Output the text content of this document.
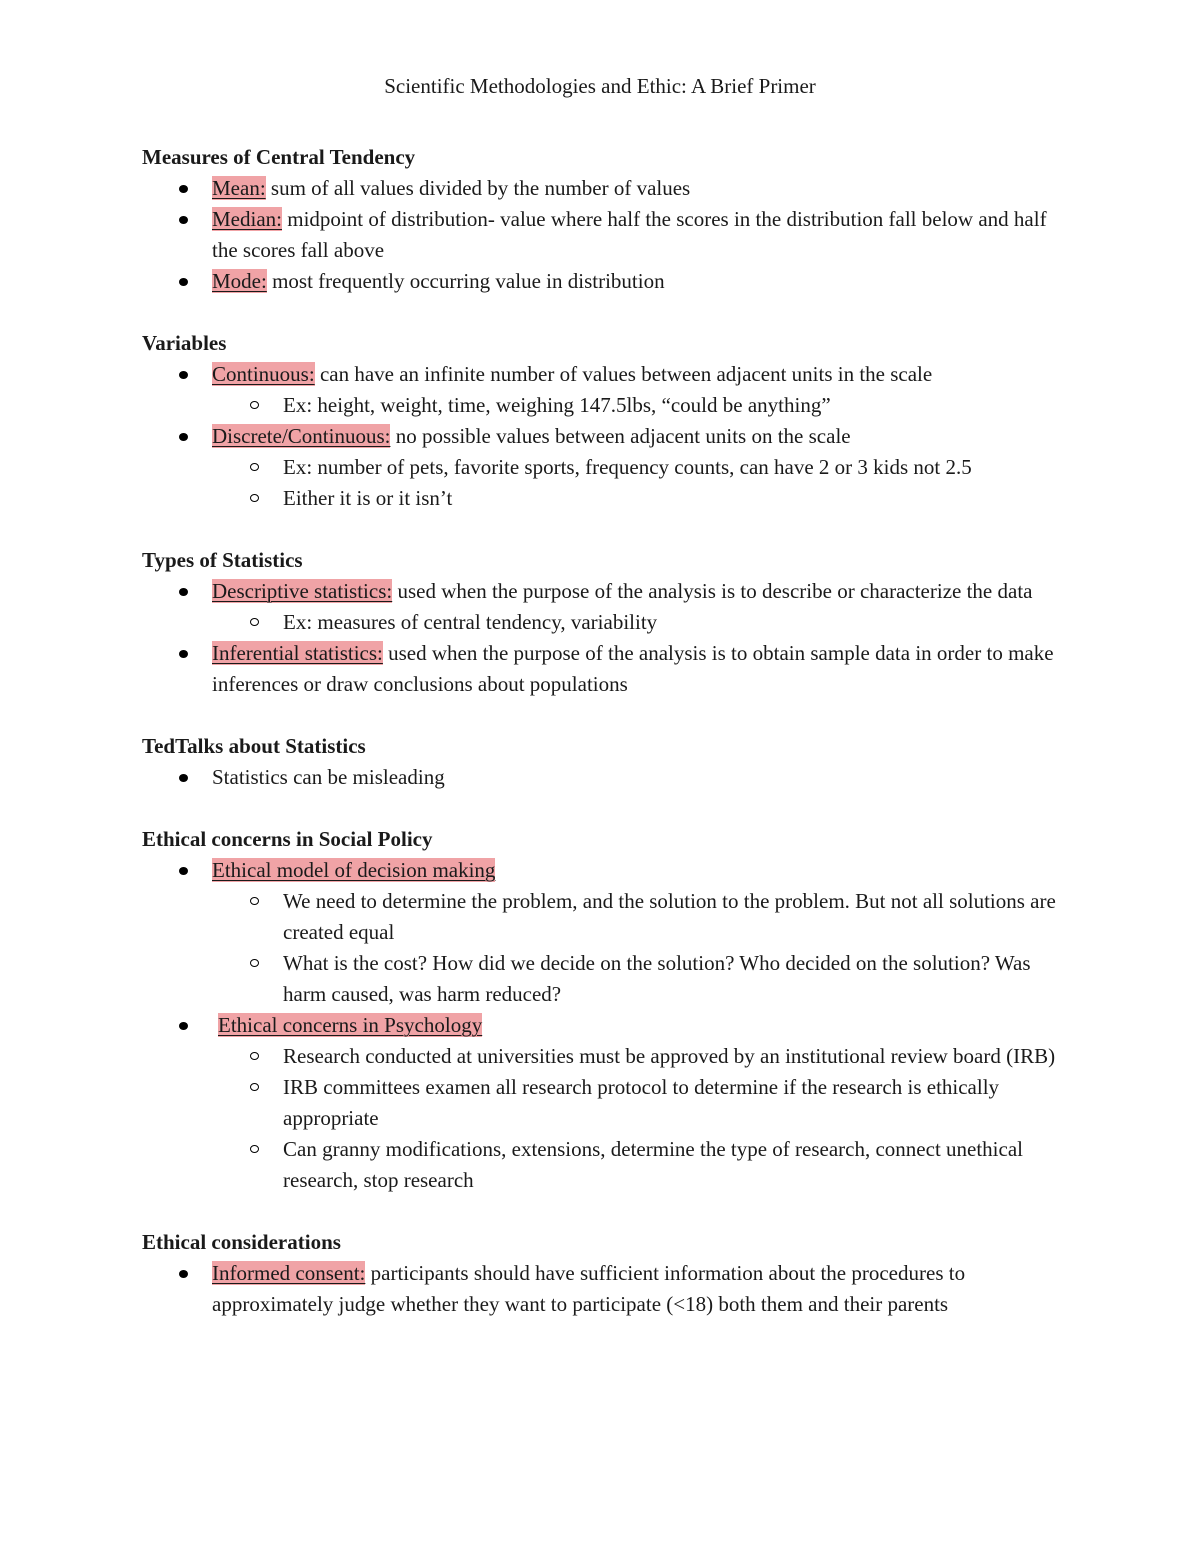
Scientific Methodologies and Ethic: A Brief Primer
Measures of Central Tendency
Mean: sum of all values divided by the number of values
Median: midpoint of distribution- value where half the scores in the distribution fall below and half the scores fall above
Mode: most frequently occurring value in distribution
Variables
Continuous: can have an infinite number of values between adjacent units in the scale
Ex: height, weight, time, weighing 147.5lbs, “could be anything”
Discrete/Continuous: no possible values between adjacent units on the scale
Ex: number of pets, favorite sports, frequency counts, can have 2 or 3 kids not 2.5
Either it is or it isn’t
Types of Statistics
Descriptive statistics: used when the purpose of the analysis is to describe or characterize the data
Ex: measures of central tendency, variability
Inferential statistics: used when the purpose of the analysis is to obtain sample data in order to make inferences or draw conclusions about populations
TedTalks about Statistics
Statistics can be misleading
Ethical concerns in Social Policy
Ethical model of decision making
We need to determine the problem, and the solution to the problem. But not all solutions are created equal
What is the cost? How did we decide on the solution? Who decided on the solution? Was harm caused, was harm reduced?
Ethical concerns in Psychology
Research conducted at universities must be approved by an institutional review board (IRB)
IRB committees examen all research protocol to determine if the research is ethically appropriate
Can granny modifications, extensions, determine the type of research, connect unethical research, stop research
Ethical considerations
Informed consent: participants should have sufficient information about the procedures to approximately judge whether they want to participate (<18) both them and their parents
